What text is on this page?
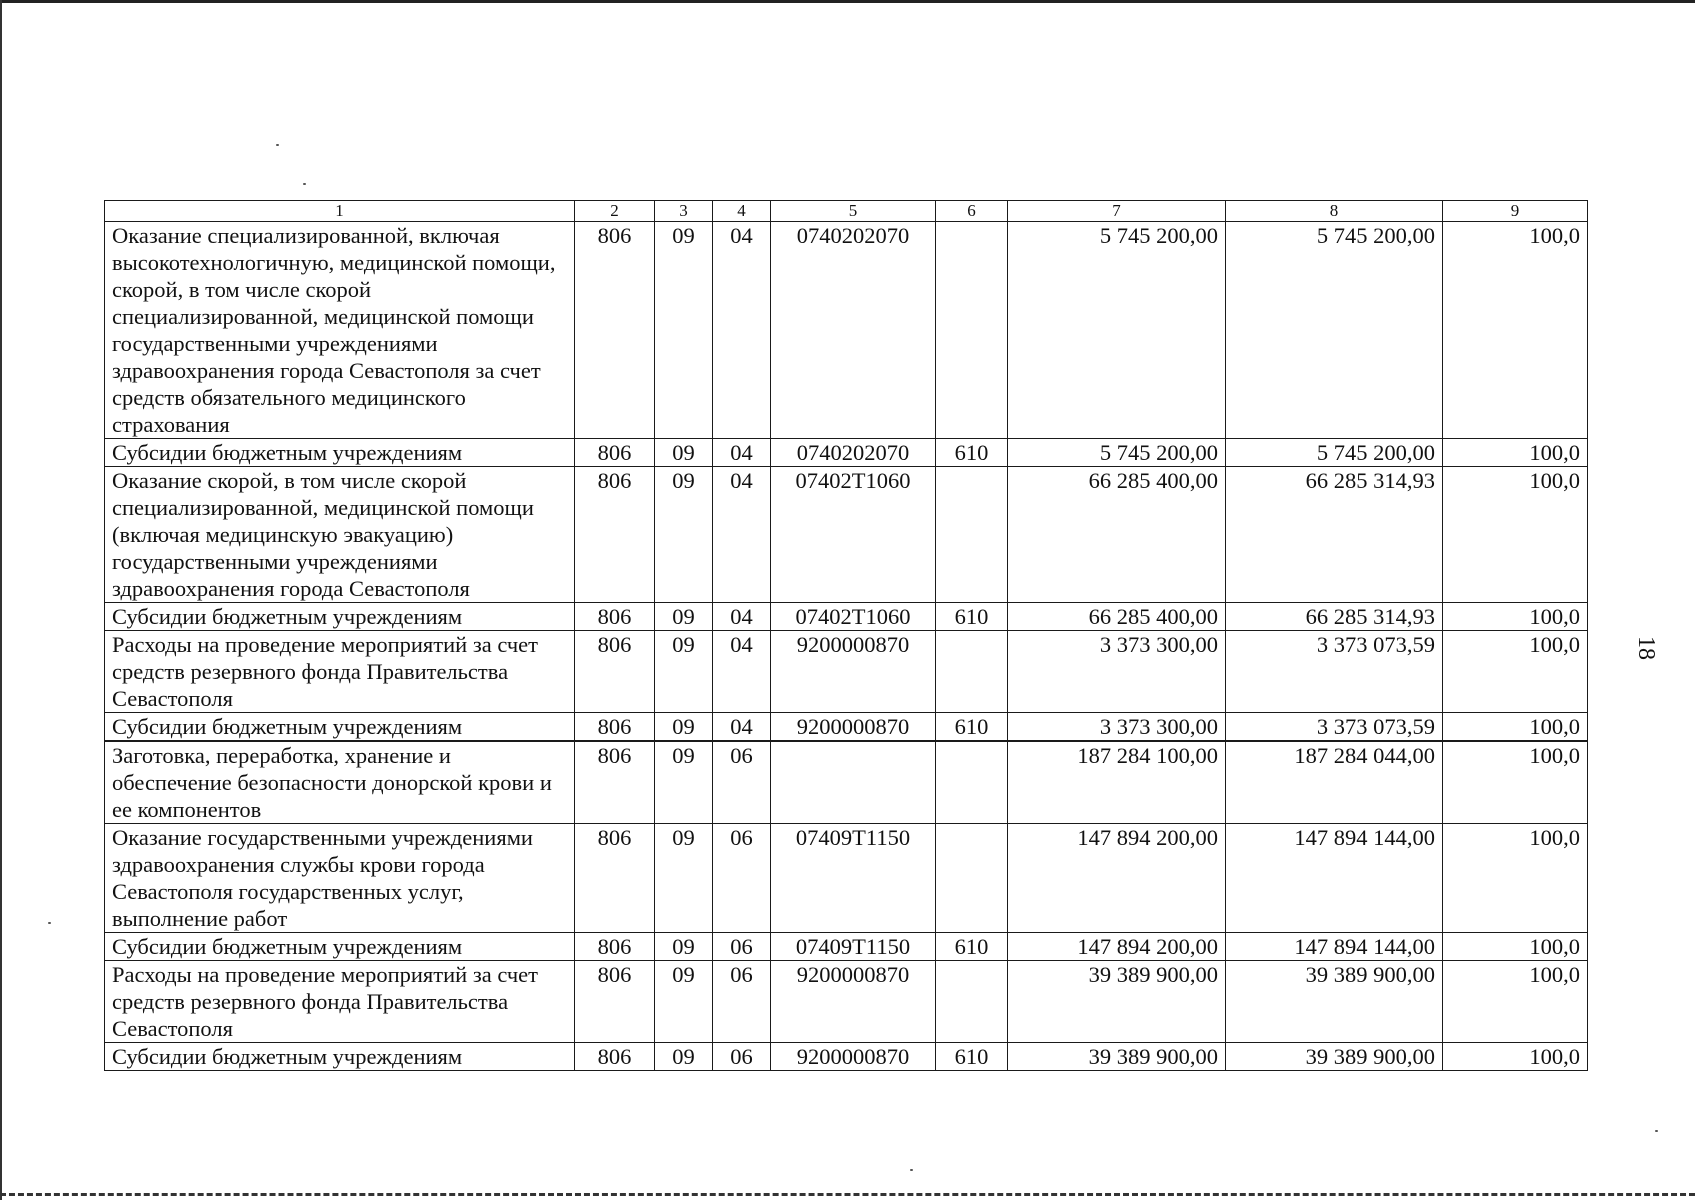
18
1	2	3	4	5	6	7	8	9
Оказание специализированной, включая высокотехнологичную, медицинской помощи, скорой, в том числе скорой специализированной, медицинской помощи государственными учреждениями здравоохранения города Севастополя за счет средств обязательного медицинского страхования	806	09	04	0740202070		5 745 200,00	5 745 200,00	100,0
Субсидии бюджетным учреждениям	806	09	04	0740202070	610	5 745 200,00	5 745 200,00	100,0
Оказание скорой, в том числе скорой специализированной, медицинской помощи (включая медицинскую эвакуацию) государственными учреждениями здравоохранения города Севастополя	806	09	04	07402Т1060		66 285 400,00	66 285 314,93	100,0
Субсидии бюджетным учреждениям	806	09	04	07402Т1060	610	66 285 400,00	66 285 314,93	100,0
Расходы на проведение мероприятий за счет средств резервного фонда Правительства Севастополя	806	09	04	9200000870		3 373 300,00	3 373 073,59	100,0
Субсидии бюджетным учреждениям	806	09	04	9200000870	610	3 373 300,00	3 373 073,59	100,0
Заготовка, переработка, хранение и обеспечение безопасности донорской крови и ее компонентов	806	09	06			187 284 100,00	187 284 044,00	100,0
Оказание государственными учреждениями здравоохранения службы крови города Севастополя государственных услуг, выполнение работ	806	09	06	07409Т1150		147 894 200,00	147 894 144,00	100,0
Субсидии бюджетным учреждениям	806	09	06	07409Т1150	610	147 894 200,00	147 894 144,00	100,0
Расходы на проведение мероприятий за счет средств резервного фонда Правительства Севастополя	806	09	06	9200000870		39 389 900,00	39 389 900,00	100,0
Субсидии бюджетным учреждениям	806	09	06	9200000870	610	39 389 900,00	39 389 900,00	100,0
